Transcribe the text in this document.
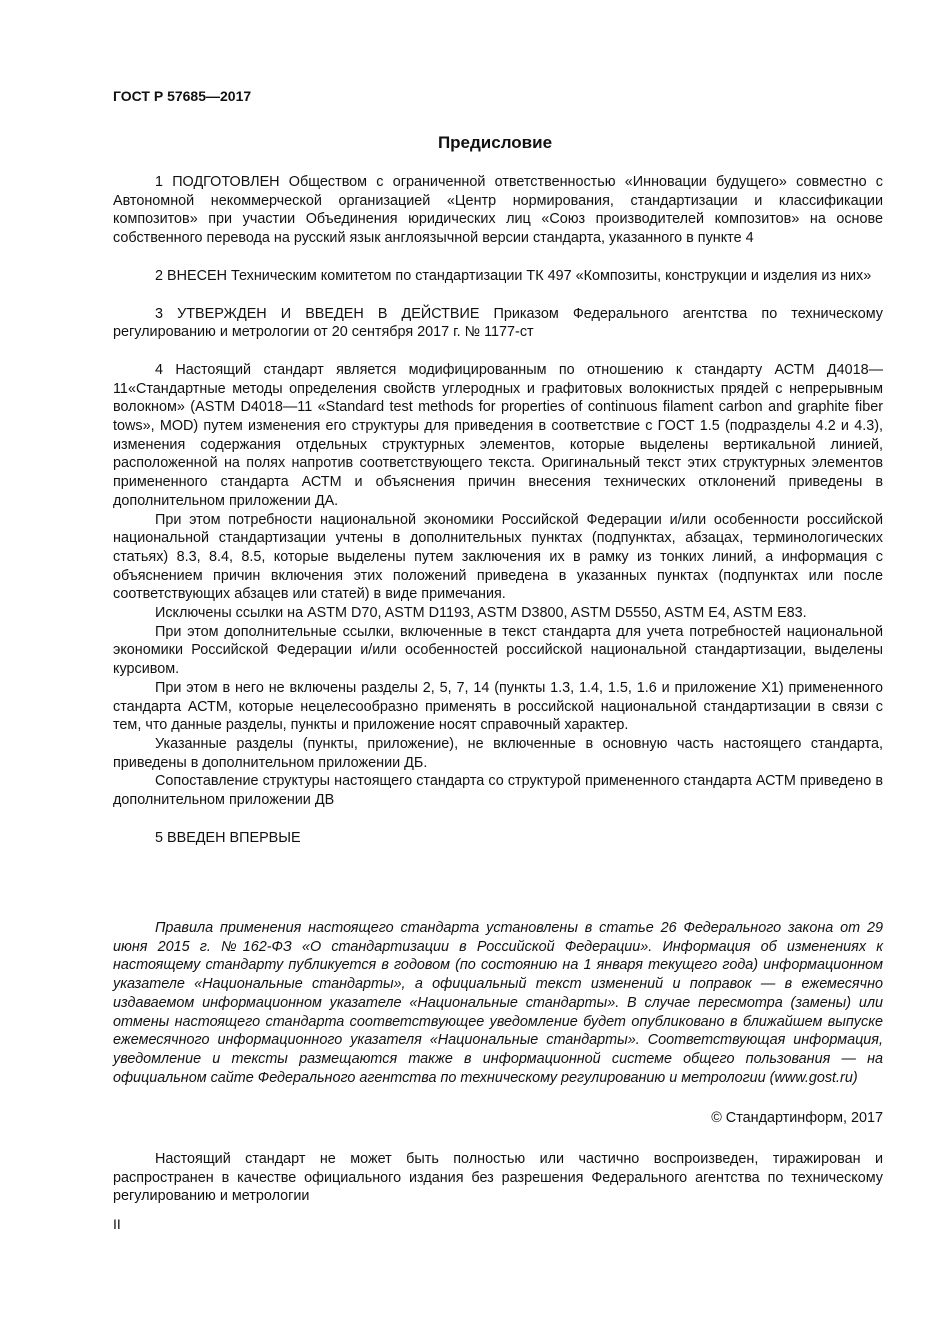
ГОСТ Р 57685—2017
Предисловие

1 ПОДГОТОВЛЕН Обществом с ограниченной ответственностью «Инновации будущего» совместно с Автономной некоммерческой организацией «Центр нормирования, стандартизации и классификации композитов» при участии Объединения юридических лиц «Союз производителей композитов» на основе собственного перевода на русский язык англоязычной версии стандарта, указанного в пункте 4

2 ВНЕСЕН Техническим комитетом по стандартизации ТК 497 «Композиты, конструкции и изделия из них»

3 УТВЕРЖДЕН И ВВЕДЕН В ДЕЙСТВИЕ Приказом Федерального агентства по техническому регулированию и метрологии от 20 сентября 2017 г. № 1177-ст

4 Настоящий стандарт является модифицированным по отношению к стандарту АСТМ Д4018—11«Стандартные методы определения свойств углеродных и графитовых волокнистых прядей с непрерывным волокном» (ASTM D4018—11 «Standard test methods for properties of continuous filament carbon and graphite fiber tows», MOD) путем изменения его структуры для приведения в соответствие с ГОСТ 1.5 (подразделы 4.2 и 4.3), изменения содержания отдельных структурных элементов, которые выделены вертикальной линией, расположенной на полях напротив соответствующего текста. Оригинальный текст этих структурных элементов примененного стандарта АСТМ и объяснения причин внесения технических отклонений приведены в дополнительном приложении ДА.

При этом потребности национальной экономики Российской Федерации и/или особенности российской национальной стандартизации учтены в дополнительных пунктах (подпунктах, абзацах, терминологических статьях) 8.3, 8.4, 8.5, которые выделены путем заключения их в рамку из тонких линий, а информация с объяснением причин включения этих положений приведена в указанных пунктах (подпунктах или после соответствующих абзацев или статей) в виде примечания.

Исключены ссылки на ASTM D70, ASTM D1193, ASTM D3800, ASTM D5550, ASTM E4, ASTM E83.

При этом дополнительные ссылки, включенные в текст стандарта для учета потребностей национальной экономики Российской Федерации и/или особенностей российской национальной стандартизации, выделены курсивом.

При этом в него не включены разделы 2, 5, 7, 14 (пункты 1.3, 1.4, 1.5, 1.6 и приложение X1) примененного стандарта АСТМ, которые нецелесообразно применять в российской национальной стандартизации в связи с тем, что данные разделы, пункты и приложение носят справочный характер.

Указанные разделы (пункты, приложение), не включенные в основную часть настоящего стандарта, приведены в дополнительном приложении ДБ.

Сопоставление структуры настоящего стандарта со структурой примененного стандарта АСТМ приведено в дополнительном приложении ДВ

5 ВВЕДЕН ВПЕРВЫЕ

Правила применения настоящего стандарта установлены в статье 26 Федерального закона от 29 июня 2015 г. №162-ФЗ «О стандартизации в Российской Федерации». Информация об изменениях к настоящему стандарту публикуется в годовом (по состоянию на 1 января текущего года) информационном указателе «Национальные стандарты», а официальный текст изменений и поправок — в ежемесячно издаваемом информационном указателе «Национальные стандарты». В случае пересмотра (замены) или отмены настоящего стандарта соответствующее уведомление будет опубликовано в ближайшем выпуске ежемесячного информационного указателя «Национальные стандарты». Соответствующая информация, уведомление и тексты размещаются также в информационной системе общего пользования — на официальном сайте Федерального агентства по техническому регулированию и метрологии (www.gost.ru)

© Стандартинформ, 2017

Настоящий стандарт не может быть полностью или частично воспроизведен, тиражирован и распространен в качестве официального издания без разрешения Федерального агентства по техническому регулированию и метрологии

II
